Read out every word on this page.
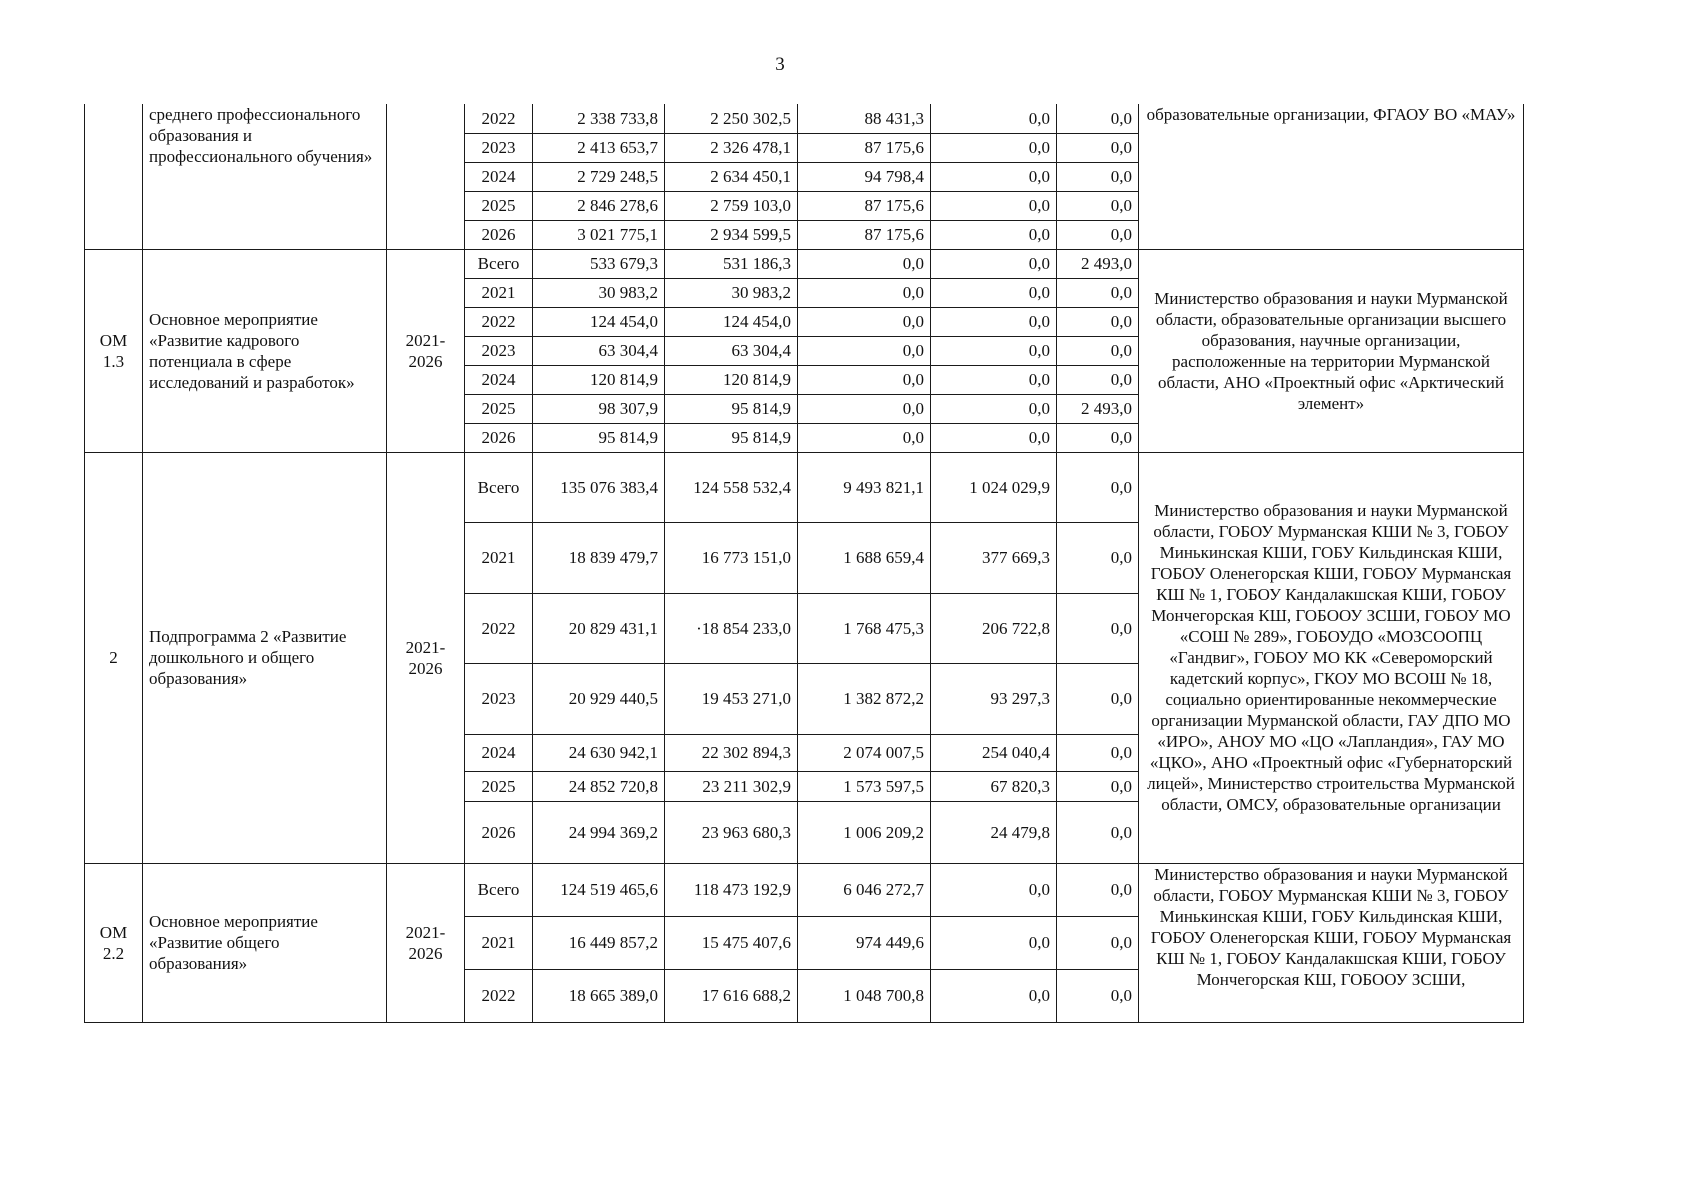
3
	среднего профессионального образования и профессионального обучения»		2022	2 338 733,8	2 250 302,5	88 431,3	0,0	0,0	образовательные организации, ФГАОУ ВО «МАУ»
			2023	2 413 653,7	2 326 478,1	87 175,6	0,0	0,0	
			2024	2 729 248,5	2 634 450,1	94 798,4	0,0	0,0	
			2025	2 846 278,6	2 759 103,0	87 175,6	0,0	0,0	
			2026	3 021 775,1	2 934 599,5	87 175,6	0,0	0,0	
ОМ 1.3	Основное мероприятие «Развитие кадрового потенциала в сфере исследований и разработок»	2021-2026	Всего	533 679,3	531 186,3	0,0	0,0	2 493,0	Министерство образования и науки Мурманской области, образовательные организации высшего образования, научные организации, расположенные на территории Мурманской области, АНО «Проектный офис «Арктический элемент»
			2021	30 983,2	30 983,2	0,0	0,0	0,0	
			2022	124 454,0	124 454,0	0,0	0,0	0,0	
			2023	63 304,4	63 304,4	0,0	0,0	0,0	
			2024	120 814,9	120 814,9	0,0	0,0	0,0	
			2025	98 307,9	95 814,9	0,0	0,0	2 493,0	
			2026	95 814,9	95 814,9	0,0	0,0	0,0	
2	Подпрограмма 2 «Развитие дошкольного и общего образования»	2021-2026	Всего	135 076 383,4	124 558 532,4	9 493 821,1	1 024 029,9	0,0	Министерство образования и науки Мурманской области, ГОБОУ Мурманская КШИ № 3, ГОБОУ Минькинская КШИ, ГОБУ Кильдинская КШИ, ГОБОУ Оленегорская КШИ, ГОБОУ Мурманская КШ № 1, ГОБОУ Кандалакшская КШИ, ГОБОУ Мончегорская КШ, ГОБООУ ЗСШИ, ГОБОУ МО «СОШ № 289», ГОБОУДО «МОЗСООПЦ «Гандвиг», ГОБОУ МО КК «Североморский кадетский корпус», ГКОУ МО ВСОШ № 18, социально ориентированные некоммерческие организации Мурманской области, ГАУ ДПО МО «ИРО», АНОУ МО «ЦО «Лапландия», ГАУ МО «ЦКО», АНО «Проектный офис «Губернаторский лицей», Министерство строительства Мурманской области, ОМСУ, образовательные организации
			2021	18 839 479,7	16 773 151,0	1 688 659,4	377 669,3	0,0	
			2022	20 829 431,1	·18 854 233,0	1 768 475,3	206 722,8	0,0	
			2023	20 929 440,5	19 453 271,0	1 382 872,2	93 297,3	0,0	
			2024	24 630 942,1	22 302 894,3	2 074 007,5	254 040,4	0,0	
			2025	24 852 720,8	23 211 302,9	1 573 597,5	67 820,3	0,0	
			2026	24 994 369,2	23 963 680,3	1 006 209,2	24 479,8	0,0	
ОМ 2.2	Основное мероприятие «Развитие общего образования»	2021-2026	Всего	124 519 465,6	118 473 192,9	6 046 272,7	0,0	0,0	Министерство образования и науки Мурманской области, ГОБОУ Мурманская КШИ № 3, ГОБОУ Минькинская КШИ, ГОБУ Кильдинская КШИ, ГОБОУ Оленегорская КШИ, ГОБОУ Мурманская КШ № 1, ГОБОУ Кандалакшская КШИ, ГОБОУ Мончегорская КШ, ГОБООУ ЗСШИ,
			2021	16 449 857,2	15 475 407,6	974 449,6	0,0	0,0	
			2022	18 665 389,0	17 616 688,2	1 048 700,8	0,0	0,0	
